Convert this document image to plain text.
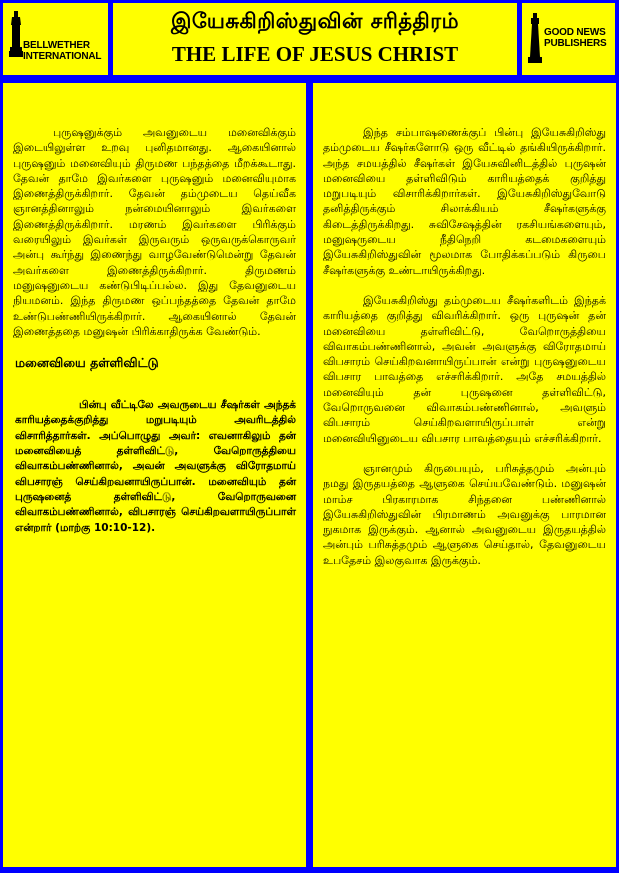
BELLWETHER
INTERNATIONAL
இயேசுகிறிஸ்துவின் சரித்திரம்
THE LIFE OF JESUS CHRIST
GOOD NEWS
PUBLISHERS

புருஷனுக்கும் அவனுடைய மனைவிக்கும் இடையிலுள்ள உறவு புனிதமானது. ஆகையினால் புருஷனும் மனைவியும் திருமண பந்தத்தை மீறக்கூடாது. தேவன் தாமே இவர்களை புருஷனும் மனைவியுமாக இணைத்திருக்கிறார். தேவன் தம்முடைய தெய்வீக ஞானத்தினாலும் நன்மையினாலும் இவர்களை இணைத்திருக்கிறார். மரணம் இவர்களை பிரிக்கும் வரையிலும் இவர்கள் இருவரும் ஒருவருக்கொருவர் அன்பு கூர்ந்து இணைந்து வாழவேண்டுமென்று தேவன் அவர்களை இணைத்திருக்கிறார். திருமணம் மனுஷனுடைய கண்டுபிடிப்பல்ல. இது தேவனுடைய நியமனம். இந்த திருமண ஒப்பந்தத்தை தேவன் தாமே உண்டுபண்ணியிருக்கிறார். ஆகையினால் தேவன் இணைத்ததை மனுஷன் பிரிக்காதிருக்க வேண்டும்.

மனைவியை தள்ளிவிட்டு

பின்பு வீட்டிலே அவருடைய சீஷர்கள் அந்தக் காரியத்தைக்குறித்து மறுபடியும் அவரிடத்தில் விசாரித்தார்கள். அப்பொழுது அவர்: எவனாகிலும் தன் மனைவியைத் தள்ளிவிட்டு, வேறொருத்தியை விவாகம்பண்ணினால், அவன் அவளுக்கு விரோதமாய் விபசாரஞ் செய்கிறவனாயிருப்பான். மனைவியும் தன் புருஷனைத் தள்ளிவிட்டு, வேறொருவனை விவாகம்பண்ணினால், விபசாரஞ் செய்கிறவளாயிருப்பாள் என்றார் (மாற்கு 10:10-12).

இந்த சம்பாஷணைக்குப் பின்பு இயேசுகிறிஸ்து தம்முடைய சீஷர்களோடு ஒரு வீட்டில் தங்கியிருக்கிறார். அந்த சமயத்தில் சீஷர்கள் இயேசுவினிடத்தில் புருஷன் மனைவியை தள்ளிவிடும் காரியத்தைக் குறித்து மறுபடியும் விசாரிக்கிறார்கள். இயேசுகிறிஸ்துவோடு தனித்திருக்கும் சிலாக்கியம் சீஷர்களுக்கு கிடைத்திருக்கிறது. சுவிசேஷத்தின் ரகசியங்களையும், மனுஷருடைய நீதிநெறி கடமைகளையும் இயேசுகிறிஸ்துவின் மூலமாக போதிக்கப்படும் கிருபை சீஷர்களுக்கு உண்டாயிருக்கிறது.

இயேசுகிறிஸ்து தம்முடைய சீஷர்களிடம் இந்தக் காரியத்தை குறித்து விவரிக்கிறார். ஒரு புருஷன் தன் மனைவியை தள்ளிவிட்டு, வேறொருத்தியை விவாகம்பண்ணினால், அவன் அவளுக்கு விரோதமாய் விபசாரம் செய்கிறவனாயிருப்பான் என்று புருஷனுடைய விபசார பாவத்தை எச்சரிக்கிறார். அதே சமயத்தில் மனைவியும் தன் புருஷனை தள்ளிவிட்டு, வேறொருவனை விவாகம்பண்ணினால், அவளும் விபசாரம் செய்கிறவளாயிருப்பாள் என்று மனைவியினுடைய விபசார பாவத்தையும் எச்சரிக்கிறார்.

ஞானமும் கிருபையும், பரிசுத்தமும் அன்பும் நமது இருதயத்தை ஆளுகை செய்யவேண்டும். மனுஷன் மாம்ச பிரகாரமாக சிந்தனை பண்ணினால் இயேசுகிறிஸ்துவின் பிரமாணம் அவனுக்கு பாரமான நுகமாக இருக்கும். ஆனால் அவனுடைய இருதயத்தில் அன்பும் பரிசுத்தமும் ஆளுகை செய்தால், தேவனுடைய உபதேசம் இலகுவாக இருக்கும்.
